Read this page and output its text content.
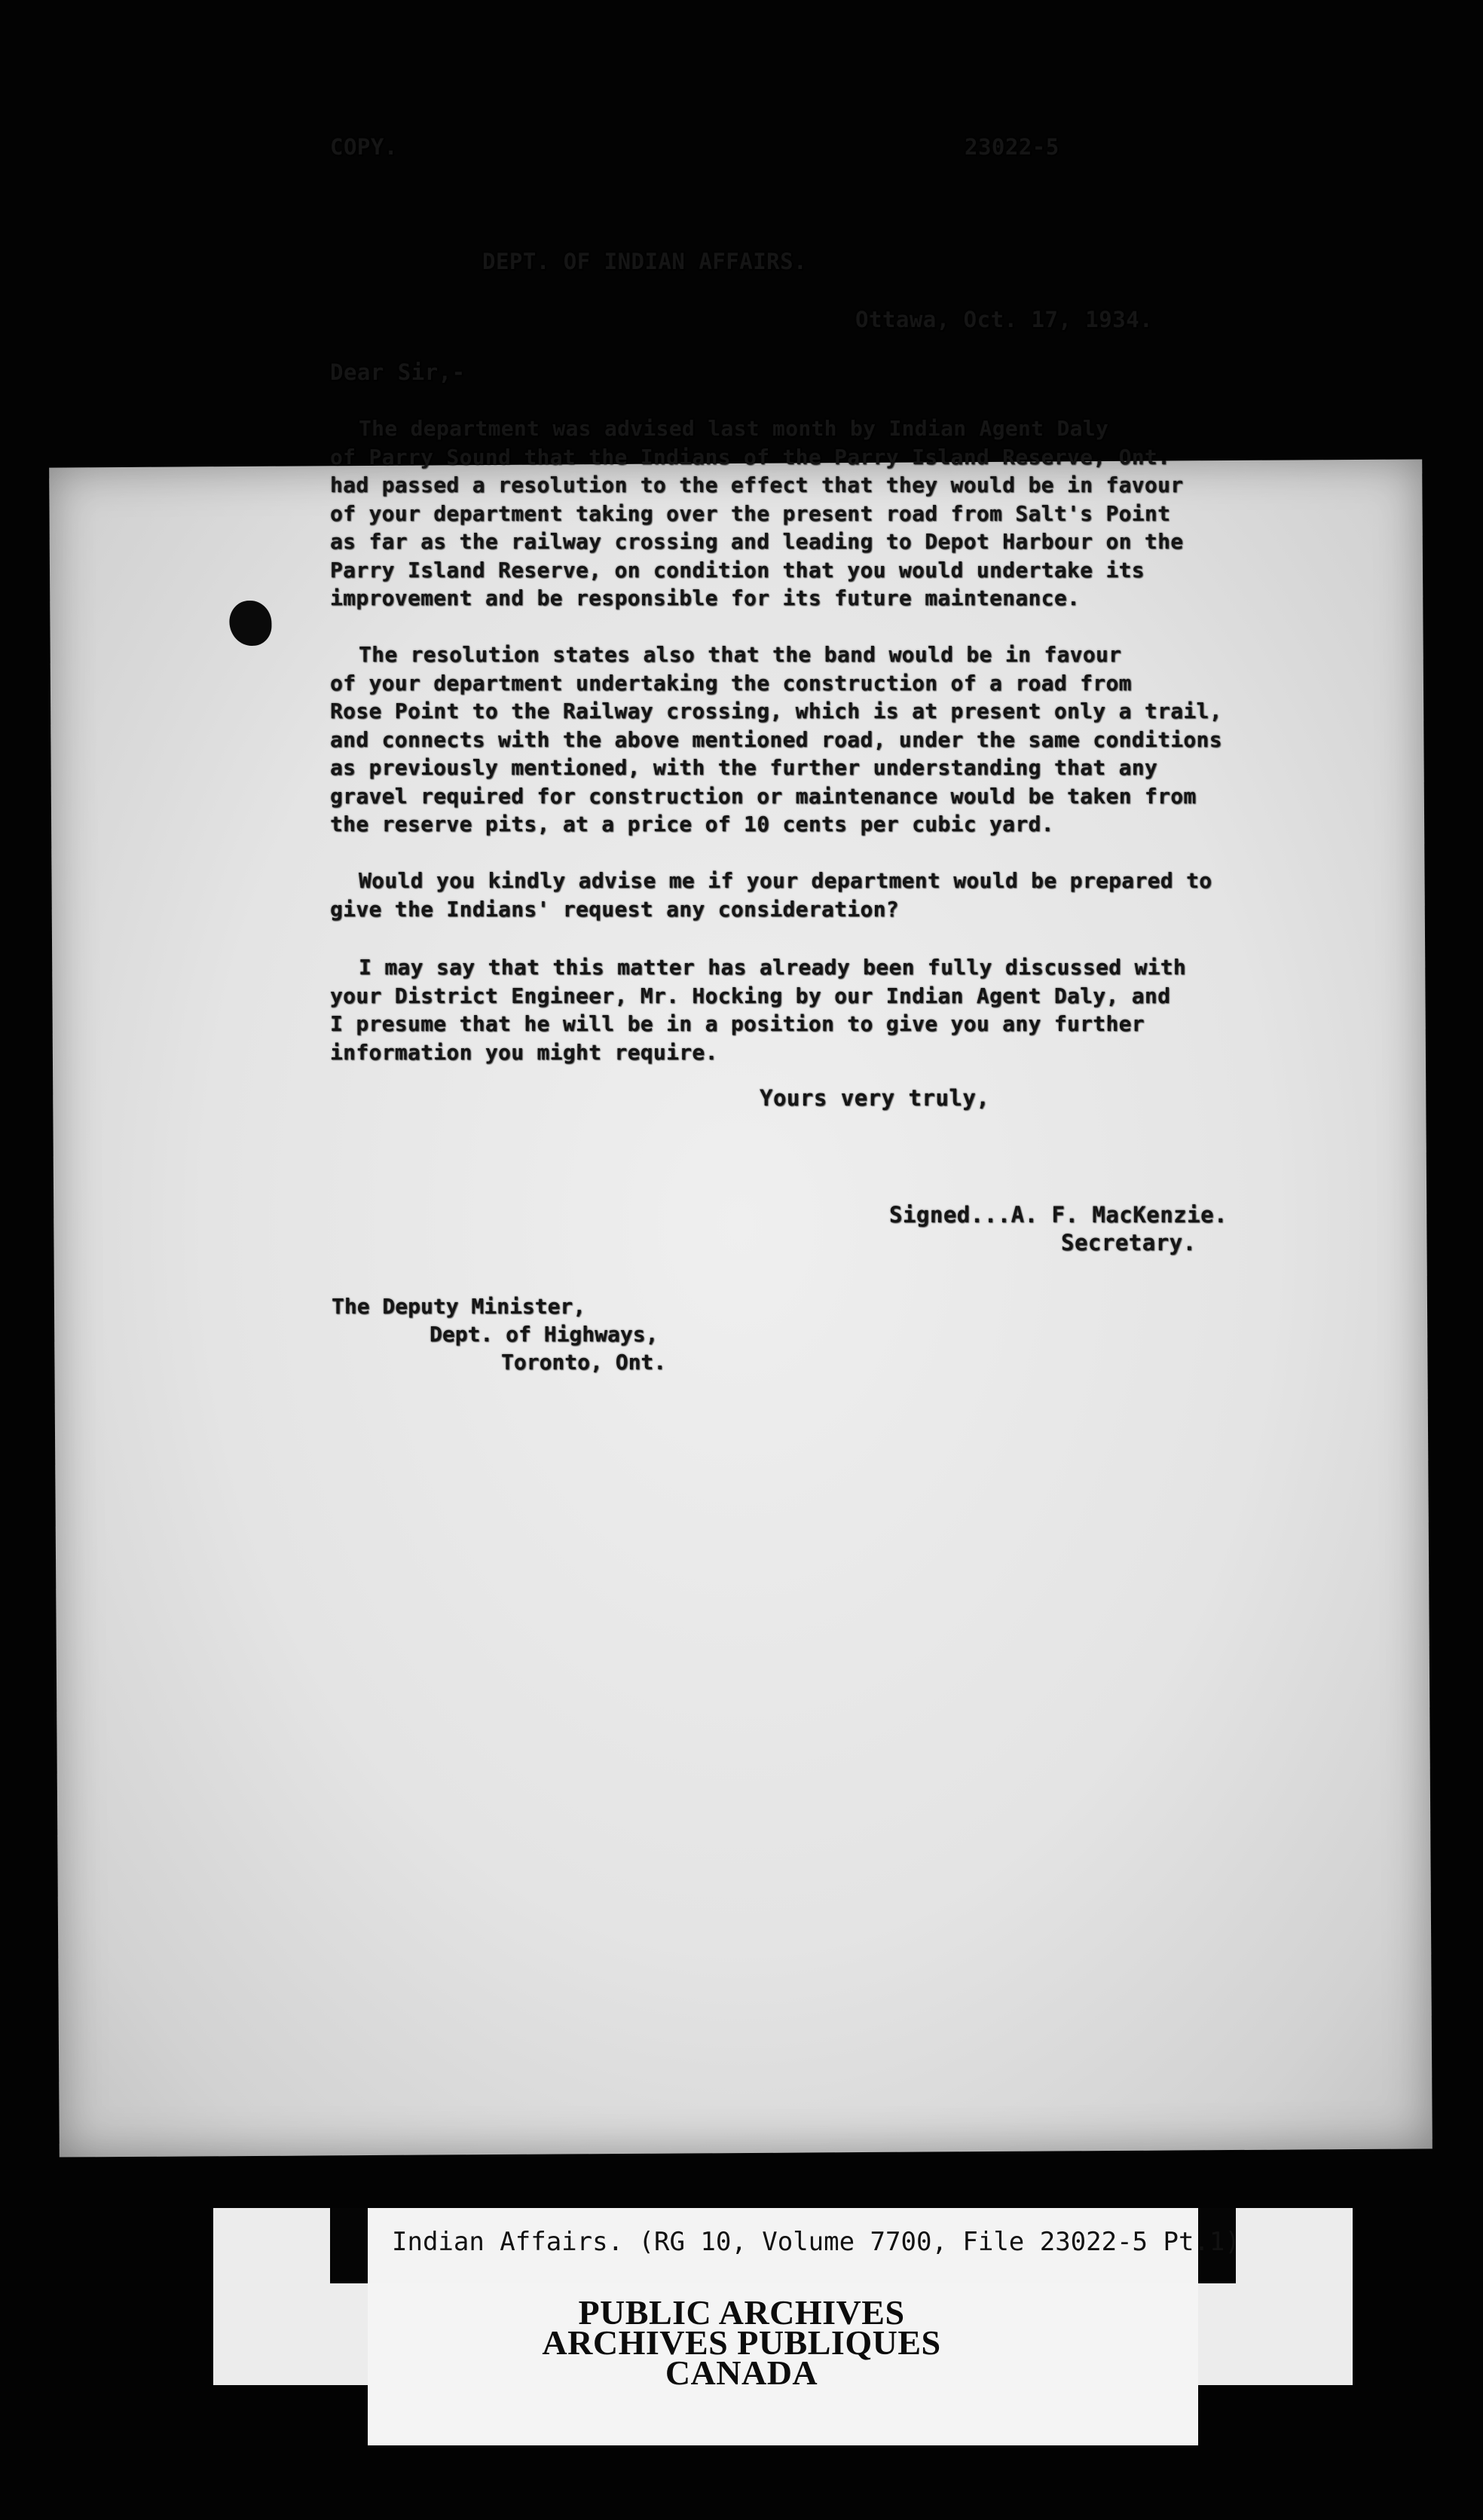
COPY.	23022-5
DEPT. OF INDIAN AFFAIRS.
Ottawa, Oct. 17, 1934.
Dear Sir,-
The department was advised last month by Indian Agent Daly
of Parry Sound that the Indians of the Parry Island Reserve, Ont.
had passed a resolution to the effect that they would be in favour
of your department taking over the present road from Salt's Point
as far as the railway crossing and leading to Depot Harbour on the
Parry Island Reserve, on condition that you would undertake its
improvement and be responsible for its future maintenance.
The resolution states also that the band would be in favour
of your department undertaking the construction of a road from
Rose Point to the Railway crossing, which is at present only a trail,
and connects with the above mentioned road, under the same conditions
as previously mentioned, with the further understanding that any
gravel required for construction or maintenance would be taken from
the reserve pits, at a price of 10 cents per cubic yard.
Would you kindly advise me if your department would be prepared to
give the Indians' request any consideration?
I may say that this matter has already been fully discussed with
your District Engineer, Mr. Hocking by our Indian Agent Daly, and
I presume that he will be in a position to give you any further
information you might require.
Yours very truly,
Signed...A. F. MacKenzie.
Secretary.
The Deputy Minister,
Dept. of Highways,
Toronto, Ont.
Indian Affairs. (RG 10, Volume 7700, File 23022-5 Pt.1)
PUBLIC ARCHIVES
ARCHIVES PUBLIQUES
CANADA
